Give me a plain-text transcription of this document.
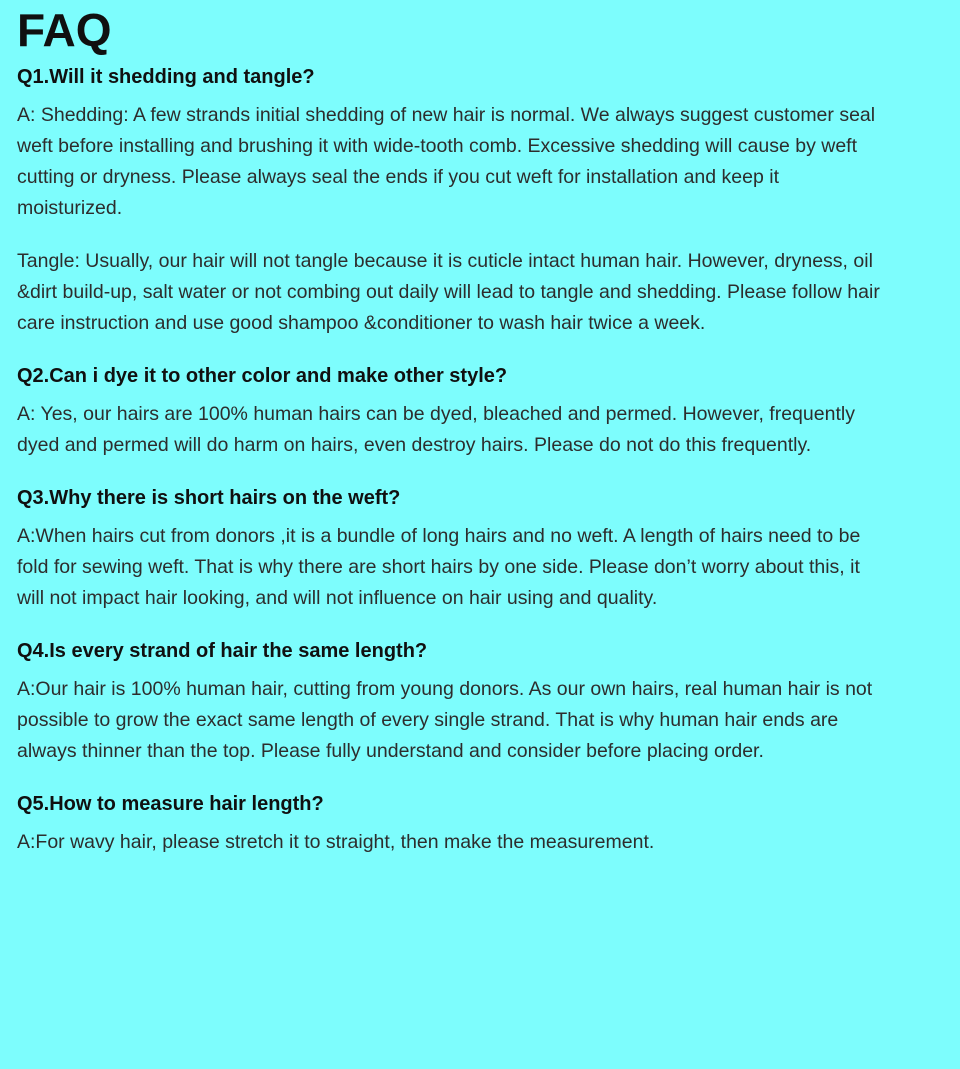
FAQ
Q1.Will it shedding and tangle?

A: Shedding: A few strands initial shedding of new hair is normal. We always suggest customer seal weft before installing and brushing it with wide-tooth comb. Excessive shedding will cause by weft cutting or dryness. Please always seal the ends if you cut weft for installation and keep it moisturized.

Tangle: Usually, our hair will not tangle because it is cuticle intact human hair. However, dryness, oil &dirt build-up, salt water or not combing out daily will lead to tangle and shedding. Please follow hair care instruction and use good shampoo &conditioner to wash hair twice a week.

Q2.Can i dye it to other color and make other style?

A: Yes, our hairs are 100% human hairs can be dyed, bleached and permed. However, frequently dyed and permed will do harm on hairs, even destroy hairs. Please do not do this frequently.

Q3.Why there is short hairs on the weft?

A:When hairs cut from donors ,it is a bundle of long hairs and no weft. A length of hairs need to be fold for sewing weft. That is why there are short hairs by one side. Please don’t worry about this, it will not impact hair looking, and will not influence on hair using and quality.

Q4.Is every strand of hair the same length?

A:Our hair is 100% human hair, cutting from young donors. As our own hairs, real human hair is not possible to grow the exact same length of every single strand. That is why human hair ends are always thinner than the top. Please fully understand and consider before placing order.

Q5.How to measure hair length?

A:For wavy hair, please stretch it to straight, then make the measurement.
